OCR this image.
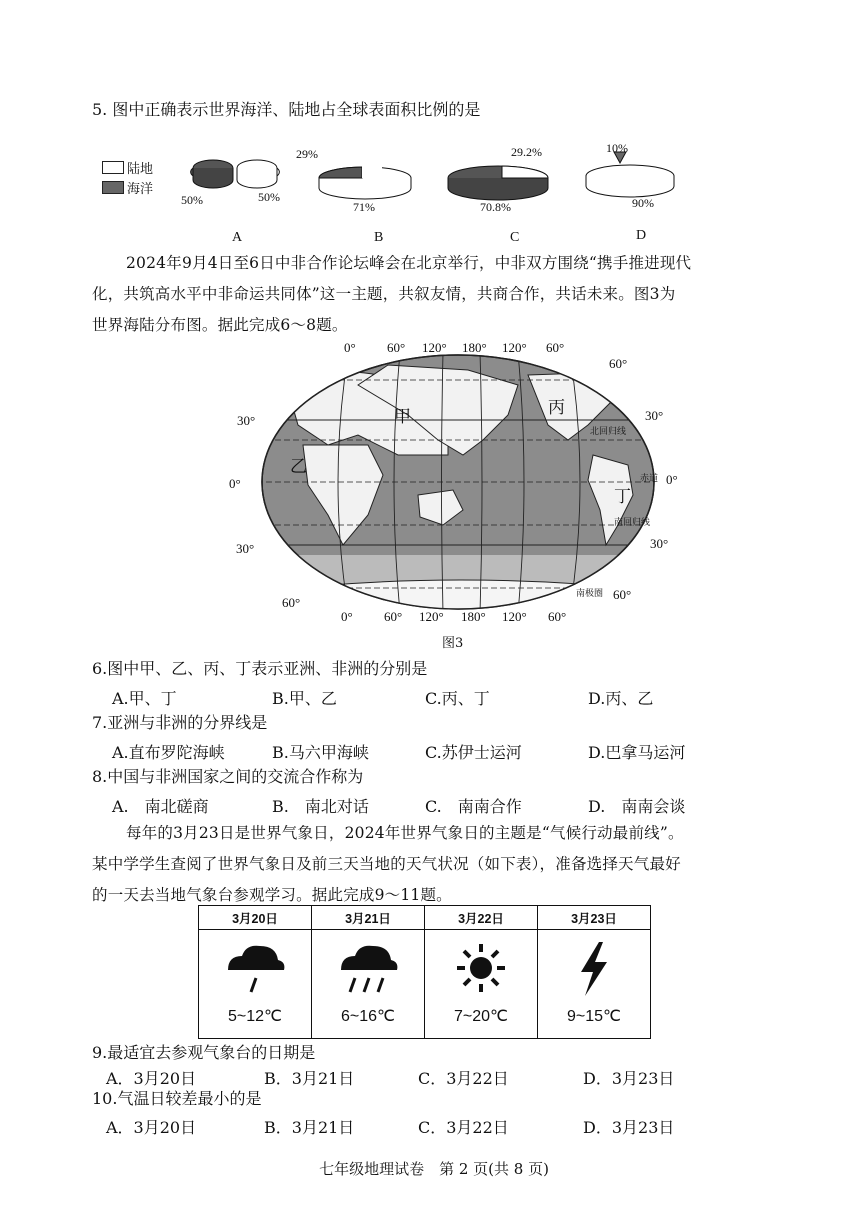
5. 图中正确表示世界海洋、陆地占全球表面积比例的是
陆地
海洋
50%	50%
A
29%
71%
B
29.2%
70.8%
C
10%
90%
D
2024年9月4日至6日中非合作论坛峰会在北京举行，中非双方围绕“携手推进现代
化，共筑高水平中非命运共同体”这一主题，共叙友情，共商合作，共话未来。图3为
世界海陆分布图。据此完成6～8题。
0° 60° 120° 180° 120° 60°
0° 60° 120° 180° 120° 60°
30°
0°
30°
60°
60°
30°
0°
30°
60°
甲
乙
丙
丁
北回归线
赤道
南回归线
南极圈
图3
6.图中甲、乙、丙、丁表示亚洲、非洲的分别是
A.甲、丁	B.甲、乙	C.丙、丁	D.丙、乙
7.亚洲与非洲的分界线是
A.直布罗陀海峡	B.马六甲海峡	C.苏伊士运河	D.巴拿马运河
8.中国与非洲国家之间的交流合作称为
A.　南北磋商	B.　南北对话	C.　南南合作	D.　南南会谈
每年的3月23日是世界气象日，2024年世界气象日的主题是“气候行动最前线”。
某中学学生查阅了世界气象日及前三天当地的天气状况（如下表），准备选择天气最好
的一天去当地气象台参观学习。据此完成9～11题。
3月20日	3月21日	3月22日	3月23日

5~12℃	6~16℃	7~20℃	9~15℃
9.最适宜去参观气象台的日期是
A．3月20日	B．3月21日	C．3月22日	D．3月23日
10.气温日较差最小的是
A．3月20日	B．3月21日	C．3月22日	D．3月23日
七年级地理试卷　第 2 页(共 8 页)
